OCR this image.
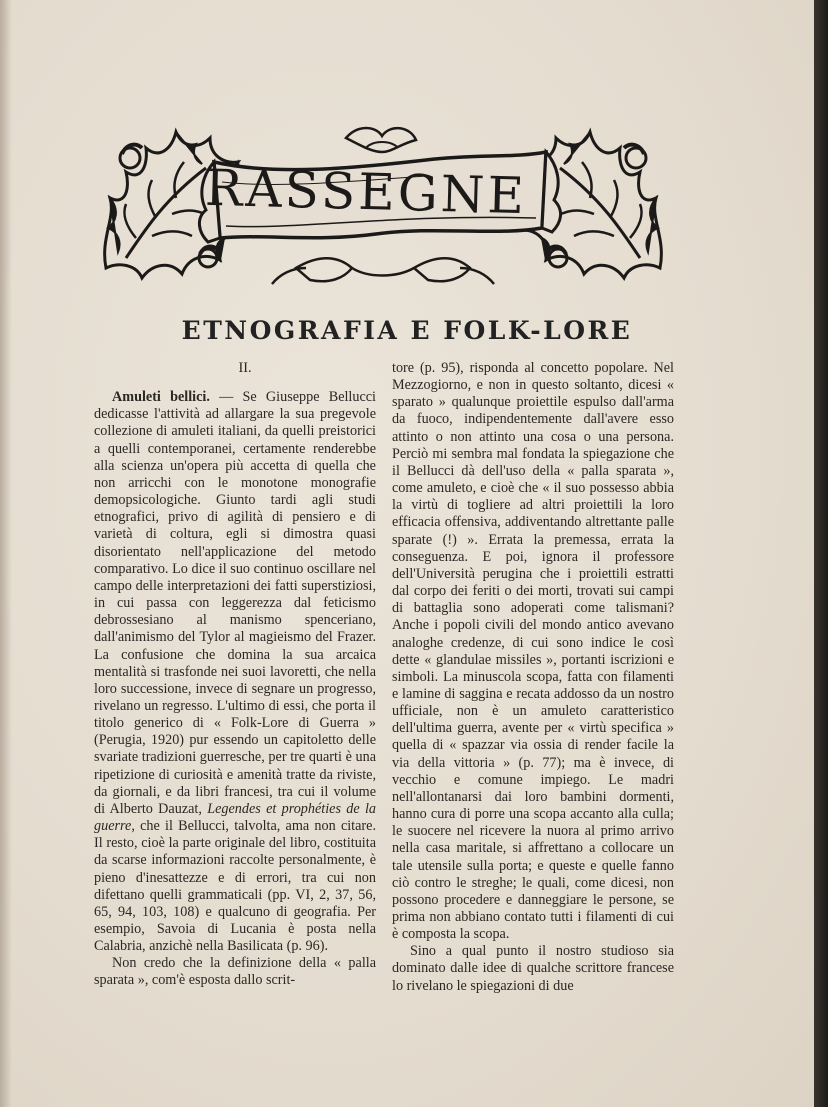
RASSEGNE
ETNOGRAFIA E FOLK-LORE

II.

Amuleti bellici. — Se Giuseppe Bellucci dedicasse l'attività ad allargare la sua pregevole collezione di amuleti italiani, da quelli preistorici a quelli contemporanei, certamente renderebbe alla scienza un'opera più accetta di quella che non arricchi con le monotone monografie demopsicologiche. Giunto tardi agli studi etnografici, privo di agilità di pensiero e di varietà di coltura, egli si dimostra quasi disorientato nell'applicazione del metodo comparativo. Lo dice il suo continuo oscillare nel campo delle interpretazioni dei fatti superstiziosi, in cui passa con leggerezza dal feticismo debrossesiano al manismo spenceriano, dall'animismo del Tylor al magieismo del Frazer. La confusione che domina la sua arcaica mentalità si trasfonde nei suoi lavoretti, che nella loro successione, invece di segnare un progresso, rivelano un regresso. L'ultimo di essi, che porta il titolo generico di « Folk-Lore di Guerra » (Perugia, 1920) pur essendo un capitoletto delle svariate tradizioni guerresche, per tre quarti è una ripetizione di curiosità e amenità tratte da riviste, da giornali, e da libri francesi, tra cui il volume di Alberto Dauzat, Legendes et prophéties de la guerre, che il Bellucci, talvolta, ama non citare. Il resto, cioè la parte originale del libro, costituita da scarse informazioni raccolte personalmente, è pieno d'inesattezze e di errori, tra cui non difettano quelli grammaticali (pp. VI, 2, 37, 56, 65, 94, 103, 108) e qualcuno di geografia. Per esempio, Savoia di Lucania è posta nella Calabria, anzichè nella Basilicata (p. 96).

Non credo che la definizione della « palla sparata », com'è esposta dallo scrit-

tore (p. 95), risponda al concetto popolare. Nel Mezzogiorno, e non in questo soltanto, dicesi « sparato » qualunque proiettile espulso dall'arma da fuoco, indipendentemente dall'avere esso attinto o non attinto una cosa o una persona. Perciò mi sembra mal fondata la spiegazione che il Bellucci dà dell'uso della « palla sparata », come amuleto, e cioè che « il suo possesso abbia la virtù di togliere ad altri proiettili la loro efficacia offensiva, addiventando altrettante palle sparate (!) ». Errata la premessa, errata la conseguenza. E poi, ignora il professore dell'Università perugina che i proiettili estratti dal corpo dei feriti o dei morti, trovati sui campi di battaglia sono adoperati come talismani? Anche i popoli civili del mondo antico avevano analoghe credenze, di cui sono indice le così dette « glandulae missiles », portanti iscrizioni e simboli. La minuscola scopa, fatta con filamenti e lamine di saggina e recata addosso da un nostro ufficiale, non è un amuleto caratteristico dell'ultima guerra, avente per « virtù specifica » quella di « spazzar via ossia di render facile la via della vittoria » (p. 77); ma è invece, di vecchio e comune impiego. Le madri nell'allontanarsi dai loro bambini dormenti, hanno cura di porre una scopa accanto alla culla; le suocere nel ricevere la nuora al primo arrivo nella casa maritale, si affrettano a collocare un tale utensile sulla porta; e queste e quelle fanno ciò contro le streghe; le quali, come dicesi, non possono procedere e danneggiare le persone, se prima non abbiano contato tutti i filamenti di cui è composta la scopa.

Sino a qual punto il nostro studioso sia dominato dalle idee di qualche scrittore francese lo rivelano le spiegazioni di due
